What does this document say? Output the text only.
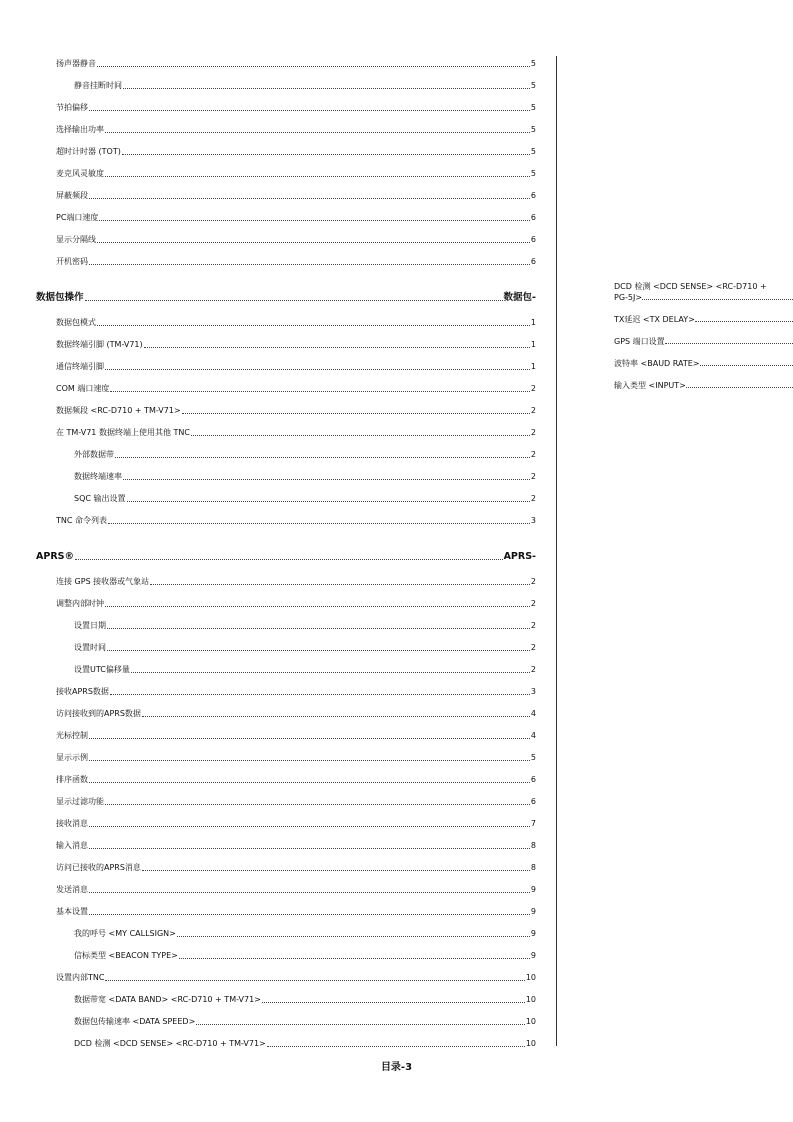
扬声器静音	5
静音挂断时间	5
节拍偏移	5
选择输出功率	5
超时计时器 (TOT)	5
麦克风灵敏度	5
屏蔽频段	6
PC端口速度	6
显示分隔线	6
开机密码	6
数据包操作	数据包-
数据包模式	1
数据终端引脚 (TM-V71)	1
通信终端引脚	1
COM 端口速度	2
数据频段 <RC-D710 + TM-V71>	2
在 TM-V71 数据终端上使用其他 TNC	2
外部数据带	2
数据终端速率	2
SQC 输出设置	2
TNC 命令列表	3
APRS®	APRS-
连接 GPS 接收器或气象站	2
调整内部时钟	2
设置日期	2
设置时间	2
设置UTC偏移量	2
接收APRS数据	3
访问接收到的APRS数据	4
光标控制	4
显示示例	5
排序函数	6
显示过滤功能	6
接收消息	7
输入消息	8
访问已接收的APRS消息	8
发送消息	9
基本设置	9
我的呼号 <MY CALLSIGN>	9
信标类型 <BEACON TYPE>	9
设置内部TNC	10
数据带宽 <DATA BAND> <RC-D710 + TM-V71>	10
数据包传输速率 <DATA SPEED>	10
DCD 检测 <DCD SENSE> <RC-D710 + TM-V71>	10
DCD 检测 <DCD SENSE> <RC-D710 +
PG-5J>
TX延迟 <TX DELAY>
GPS 端口设置
波特率 <BAUD RATE>
输入类型 <INPUT>
目录-3
